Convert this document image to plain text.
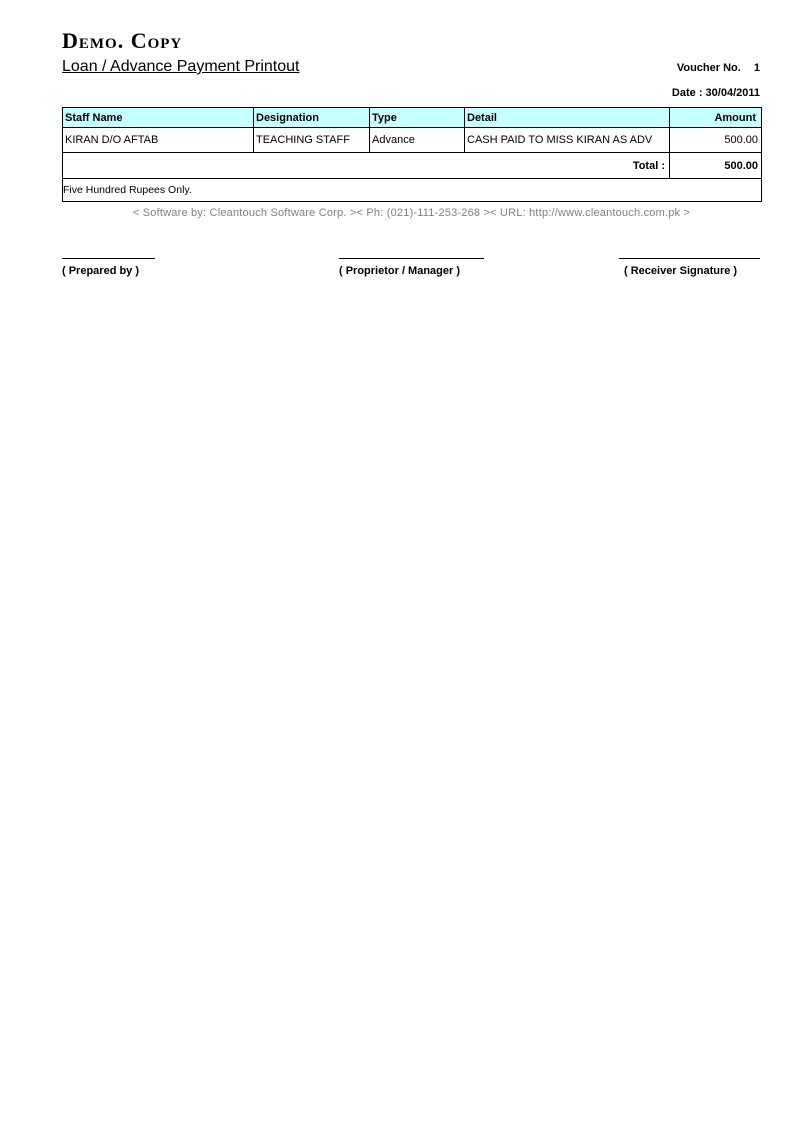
Demo. Copy
Loan / Advance Payment Printout	Voucher No. 1
Date : 30/04/2011
Staff Name	Designation	Type	Detail	Amount
KIRAN D/O AFTAB	TEACHING STAFF	Advance	CASH PAID TO MISS KIRAN AS ADV	500.00
Total :				500.00
Five Hundred Rupees Only.				
< Software by: Cleantouch Software Corp. >< Ph: (021)-111-253-268 >< URL: http://www.cleantouch.com.pk >
( Prepared by )	( Proprietor / Manager )	( Receiver Signature )
